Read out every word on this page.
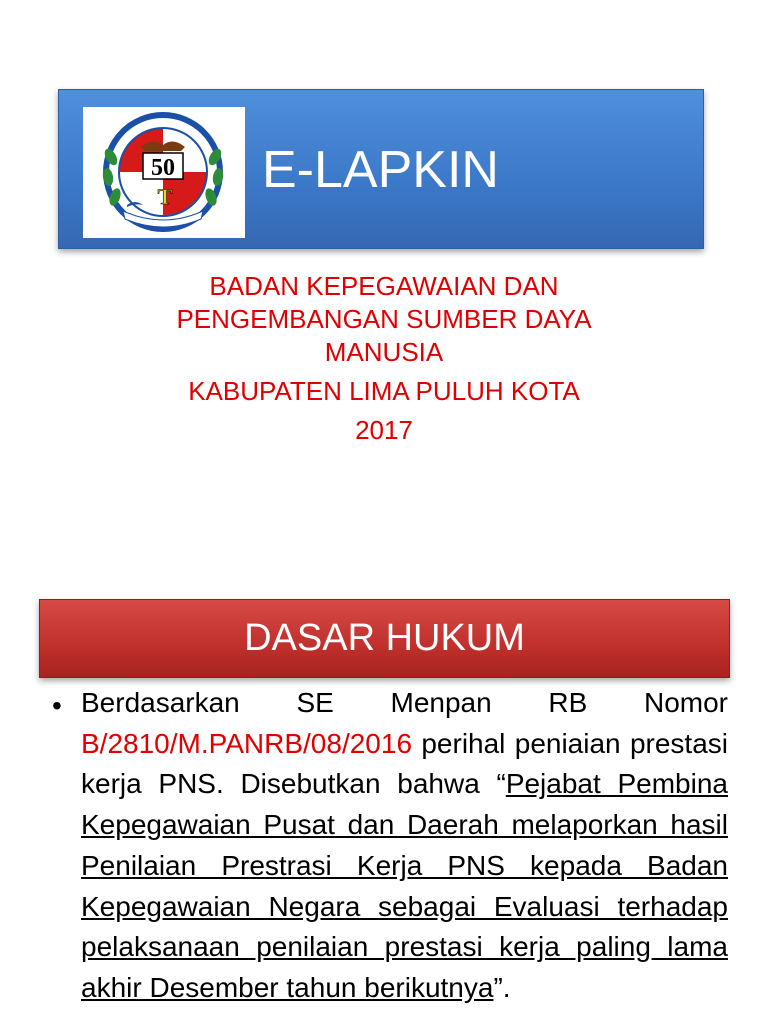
50
T E-LAPKIN
BADAN KEPEGAWAIAN DAN
PENGEMBANGAN SUMBER DAYA
MANUSIA
KABUPATEN LIMA PULUH KOTA
2017
DASAR HUKUM
• Berdasarkan SE Menpan RB Nomor B/2810/M.PANRB/08/2016 perihal peniaian prestasi kerja PNS. Disebutkan bahwa “Pejabat Pembina Kepegawaian Pusat dan Daerah melaporkan hasil Penilaian Prestrasi Kerja PNS kepada Badan Kepegawaian Negara sebagai Evaluasi terhadap pelaksanaan penilaian prestasi kerja paling lama akhir Desember tahun berikutnya”.
